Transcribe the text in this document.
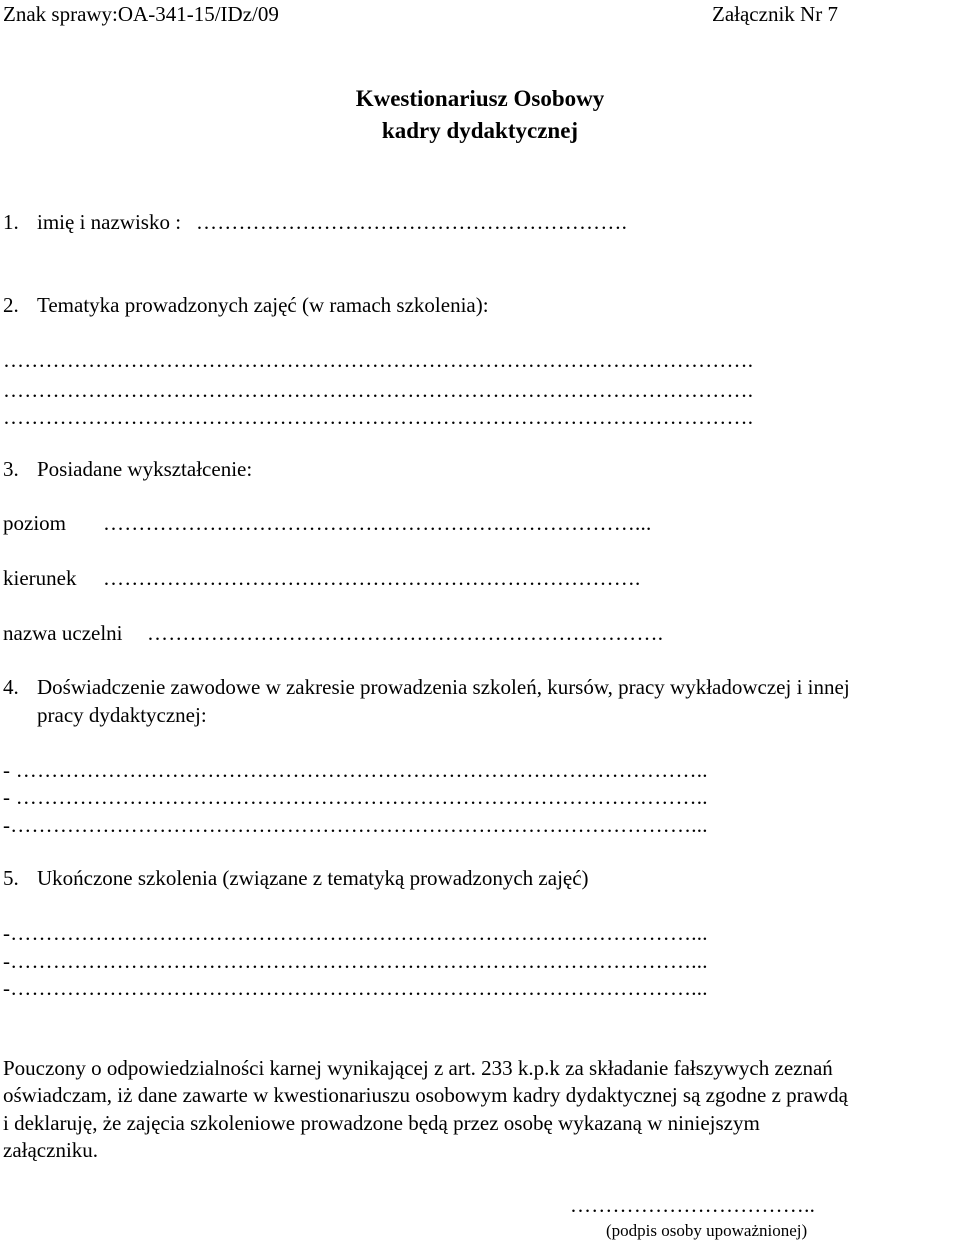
Znak sprawy:OA-341-15/IDz/09	Załącznik Nr 7
Kwestionariusz Osobowy
kadry dydaktycznej
1. imię i nazwisko : …………………………………………………….
2. Tematyka prowadzonych zajęć (w ramach szkolenia):
…………………………………………………………………………………………….
…………………………………………………………………………………………….
…………………………………………………………………………………………….
3. Posiadane wykształcenie:
poziom …………………………………………………………………...
kierunek ………………………………………………………………….
nazwa uczelni ……………………………………………………………….
4. Doświadczenie zawodowe w zakresie prowadzenia szkoleń, kursów, pracy wykładowczej i innej
pracy dydaktycznej:
- ……………………………………………………………………………………..
- ……………………………………………………………………………………..
-……………………………………………………………………………………...
5. Ukończone szkolenia (związane z tematyką prowadzonych zajęć)
-……………………………………………………………………………………...
-……………………………………………………………………………………...
-……………………………………………………………………………………...
Pouczony o odpowiedzialności karnej wynikającej z art. 233 k.p.k za składanie fałszywych zeznań
oświadczam, iż dane zawarte w kwestionariuszu osobowym kadry dydaktycznej są zgodne z prawdą
i deklaruję, że zajęcia szkoleniowe prowadzone będą przez osobę wykazaną w niniejszym
załączniku.
……………………………..
(podpis osoby upoważnionej)
